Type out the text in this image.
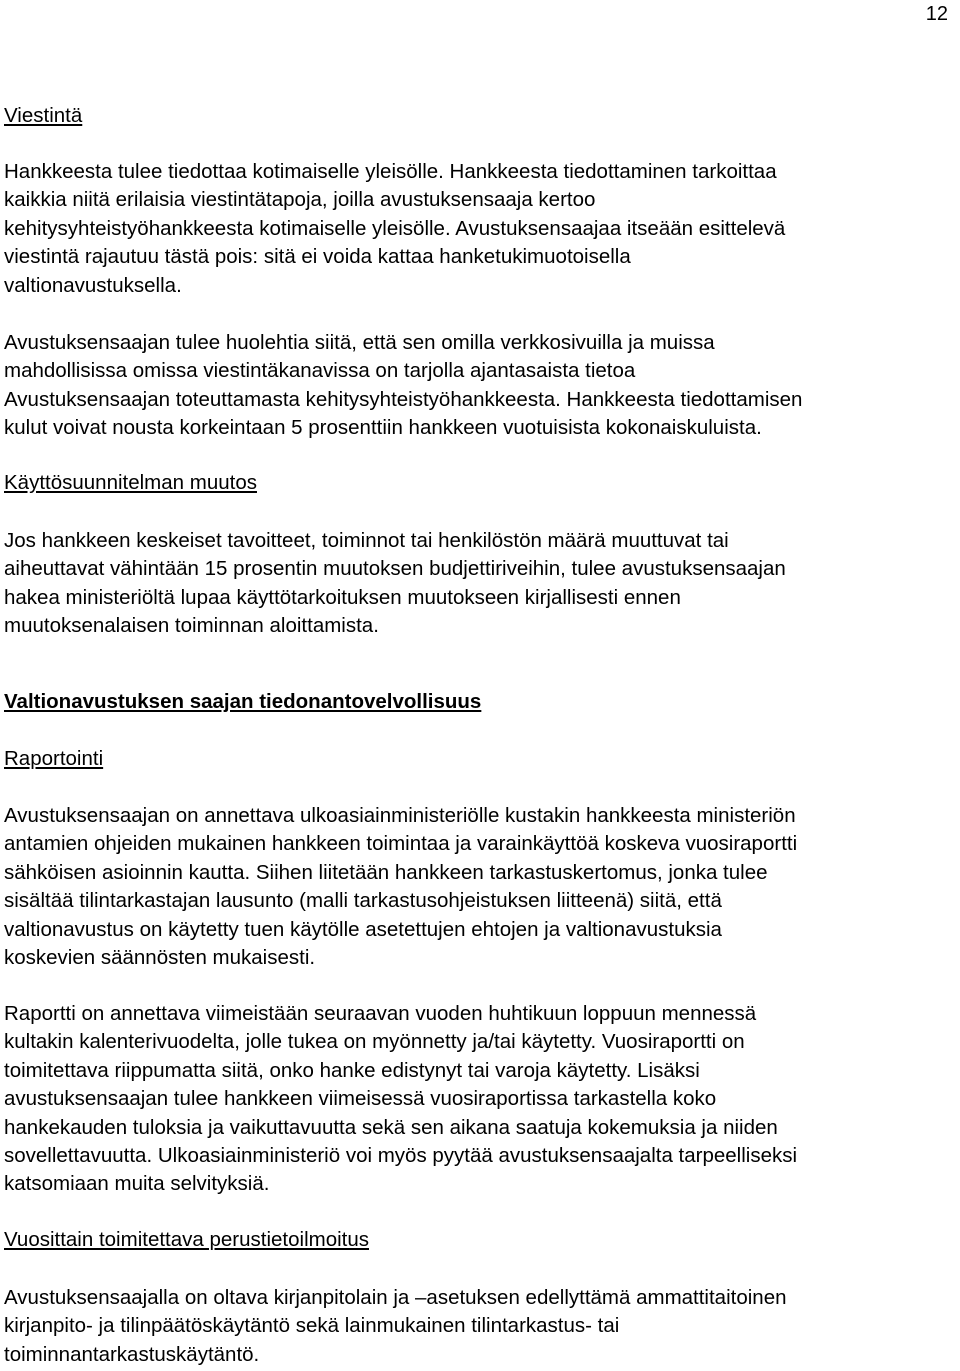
12
Viestintä
Hankkeesta tulee tiedottaa kotimaiselle yleisölle. Hankkeesta tiedottaminen tarkoittaa
kaikkia niitä erilaisia viestintätapoja, joilla avustuksensaaja kertoo
kehitysyhteistyöhankkeesta kotimaiselle yleisölle. Avustuksensaajaa itseään esittelevä
viestintä rajautuu tästä pois: sitä ei voida kattaa hanketukimuotoisella
valtionavustuksella.
Avustuksensaajan tulee huolehtia siitä, että sen omilla verkkosivuilla ja muissa
mahdollisissa omissa viestintäkanavissa on tarjolla ajantasaista tietoa
Avustuksensaajan toteuttamasta kehitysyhteistyöhankkeesta. Hankkeesta tiedottamisen
kulut voivat nousta korkeintaan 5 prosenttiin hankkeen vuotuisista kokonaiskuluista.
Käyttösuunnitelman muutos
Jos hankkeen keskeiset tavoitteet, toiminnot tai henkilöstön määrä muuttuvat tai
aiheuttavat vähintään 15 prosentin muutoksen budjettiriveihin, tulee avustuksensaajan
hakea ministeriöltä lupaa käyttötarkoituksen muutokseen kirjallisesti ennen
muutoksenalaisen toiminnan aloittamista.
Valtionavustuksen saajan tiedonantovelvollisuus
Raportointi
Avustuksensaajan on annettava ulkoasiainministeriölle kustakin hankkeesta ministeriön
antamien ohjeiden mukainen hankkeen toimintaa ja varainkäyttöä koskeva vuosiraportti
sähköisen asioinnin kautta. Siihen liitetään hankkeen tarkastuskertomus, jonka tulee
sisältää tilintarkastajan lausunto (malli tarkastusohjeistuksen liitteenä) siitä, että
valtionavustus on käytetty tuen käytölle asetettujen ehtojen ja valtionavustuksia
koskevien säännösten mukaisesti.
Raportti on annettava viimeistään seuraavan vuoden huhtikuun loppuun mennessä
kultakin kalenterivuodelta, jolle tukea on myönnetty ja/tai käytetty. Vuosiraportti on
toimitettava riippumatta siitä, onko hanke edistynyt tai varoja käytetty. Lisäksi
avustuksensaajan tulee hankkeen viimeisessä vuosiraportissa tarkastella koko
hankekauden tuloksia ja vaikuttavuutta sekä sen aikana saatuja kokemuksia ja niiden
sovellettavuutta. Ulkoasiainministeriö voi myös pyytää avustuksensaajalta tarpeelliseksi
katsomiaan muita selvityksiä.
Vuosittain toimitettava perustietoilmoitus
Avustuksensaajalla on oltava kirjanpitolain ja –asetuksen edellyttämä ammattitaitoinen
kirjanpito- ja tilinpäätöskäytäntö sekä lainmukainen tilintarkastus- tai
toiminnantarkastuskäytäntö.
